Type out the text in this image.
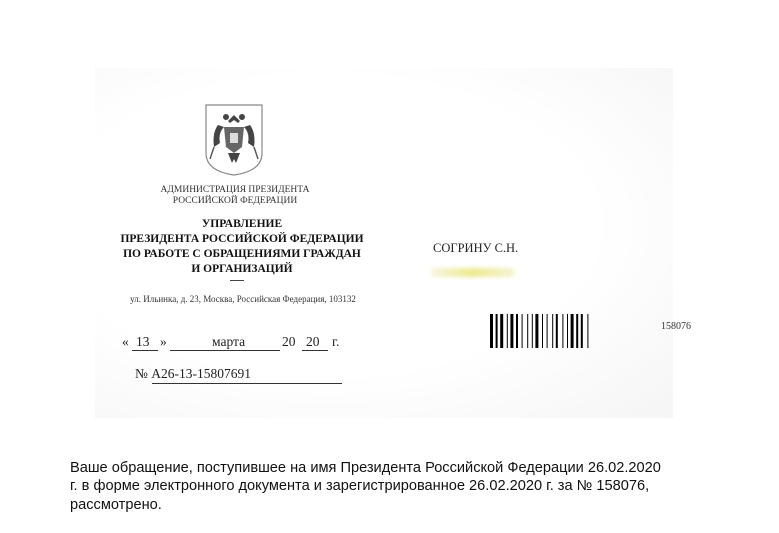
АДМИНИСТРАЦИЯ ПРЕЗИДЕНТА
РОССИЙСКОЙ ФЕДЕРАЦИИ
УПРАВЛЕНИЕ
ПРЕЗИДЕНТА РОССИЙСКОЙ ФЕДЕРАЦИИ
ПО РАБОТЕ С ОБРАЩЕНИЯМИ ГРАЖДАН
И ОРГАНИЗАЦИЙ
ул. Ильинка, д. 23, Москва, Российская Федерация, 103132
СОГРИНУ С.Н.
158076
« 13 »	марта	20 20 г.
№ А26-13-15807691
Ваше обращение, поступившее на имя Президента Российской Федерации 26.02.2020
г. в форме электронного документа и зарегистрированное 26.02.2020 г. за № 158076,
рассмотрено.
